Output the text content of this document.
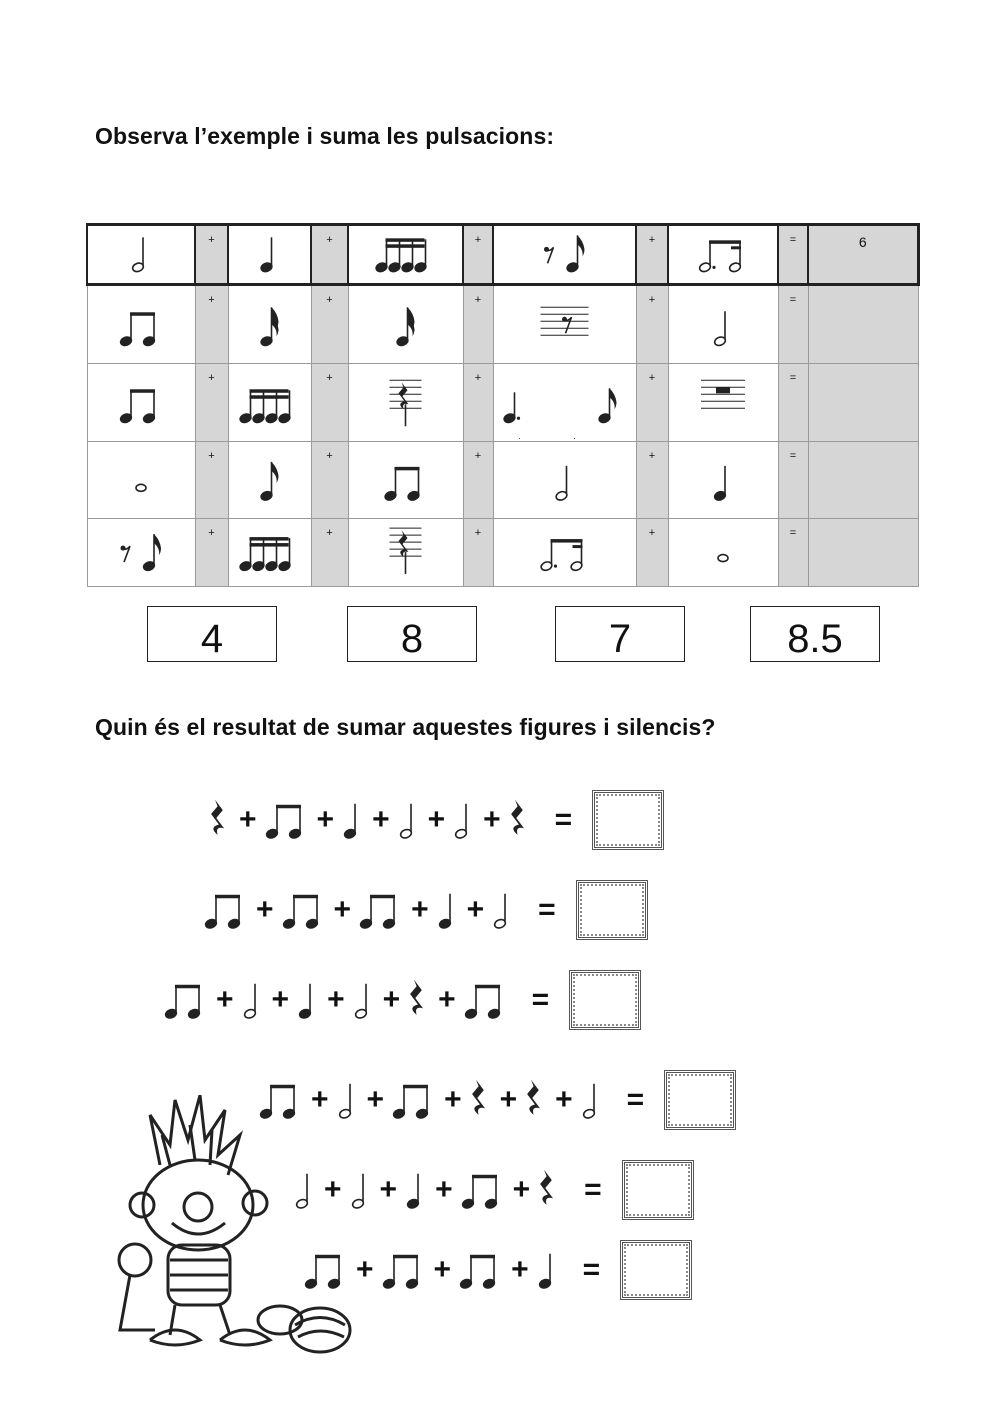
Observa l’exemple i suma les pulsacions:
	+		+		+		+		=	6

	+		+		+		+		=	

	+		+		+		+		=	

	+		+		+		+		=	

	+		+		+		+		=	
4	8	7	8.5
Quin és el resultat de sumar aquestes figures i silencis?
+ + + + + =
+ + + + =
+ + + + +	=
+ + + + + =
+ + + + =
+ + + =
